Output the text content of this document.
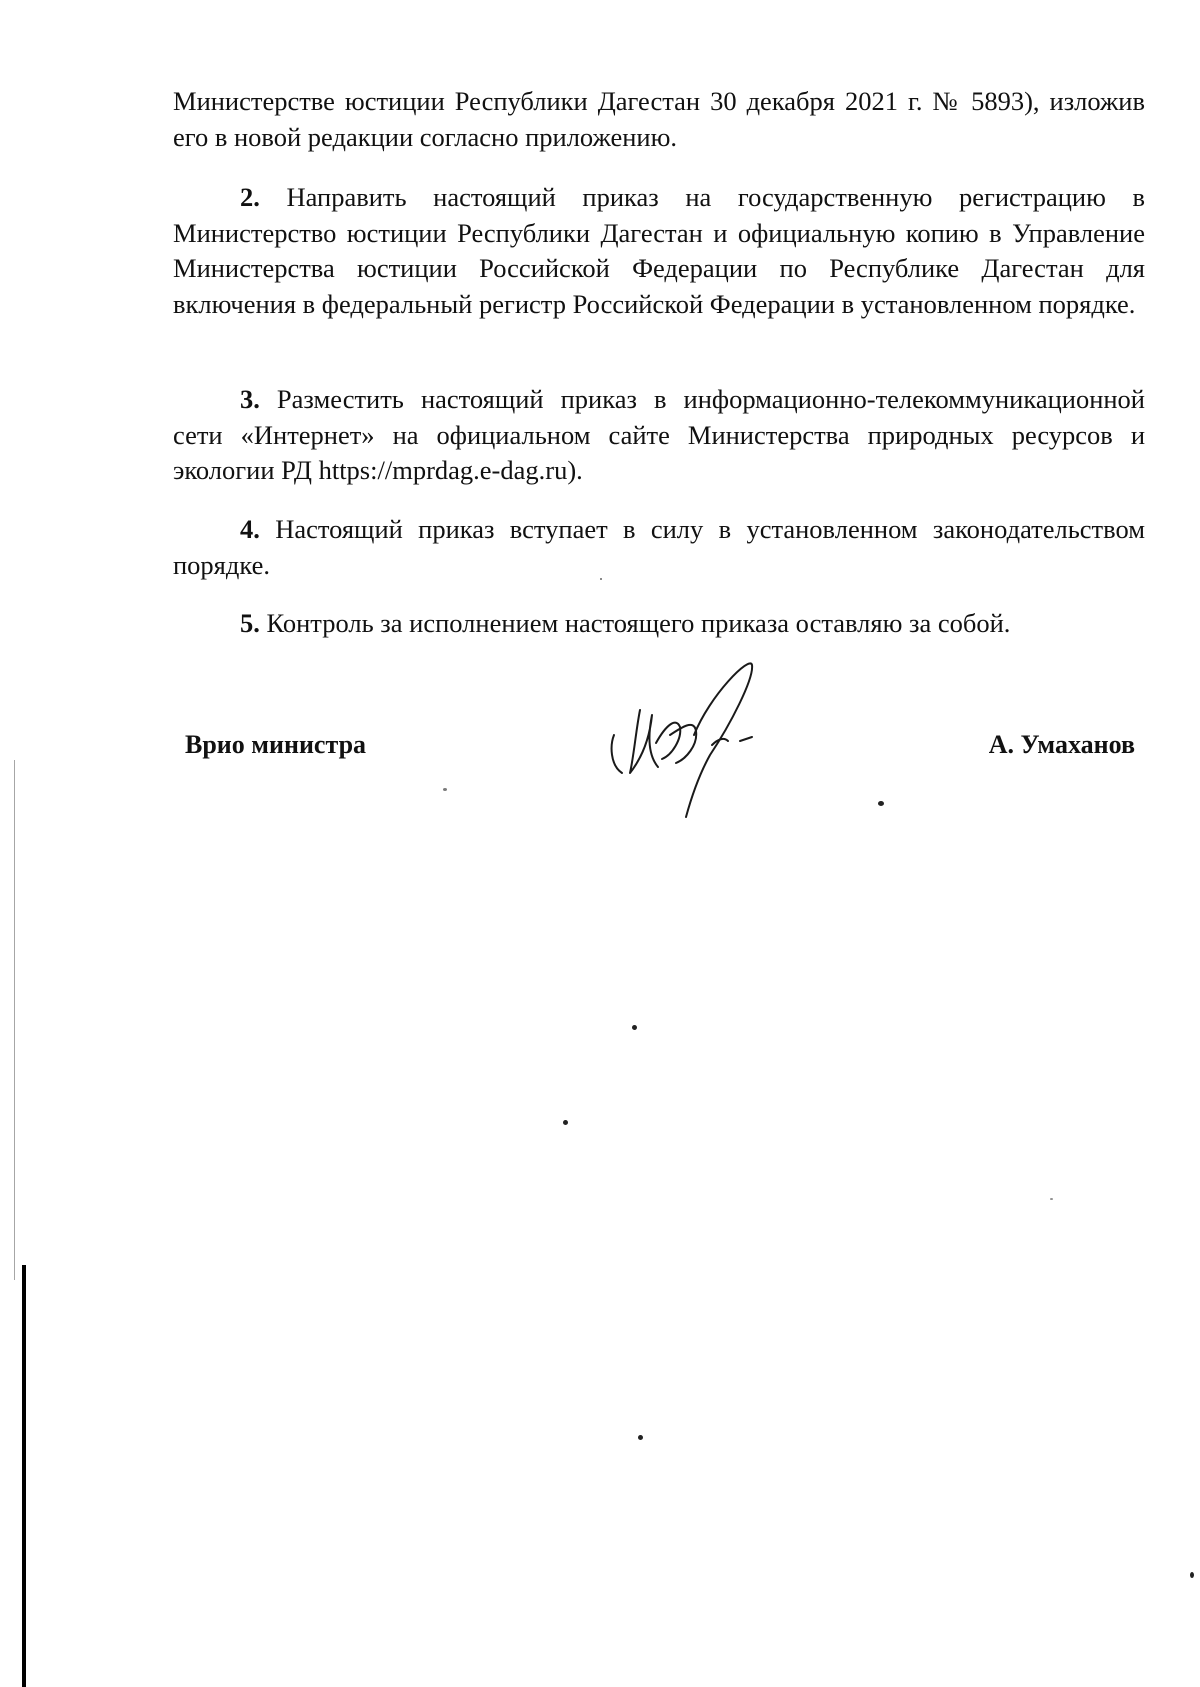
Министерстве юстиции Республики Дагестан 30 декабря 2021 г. № 5893), изложив его в новой редакции согласно приложению.

2. Направить настоящий приказ на государственную регистрацию в Министерство юстиции Республики Дагестан и официальную копию в Управление Министерства юстиции Российской Федерации по Республике Дагестан для включения в федеральный регистр Российской Федерации в установленном порядке.

3. Разместить настоящий приказ в информационно-телекоммуникационной сети «Интернет» на официальном сайте Министерства природных ресурсов и экологии РД https://mprdag.e-dag.ru).

4. Настоящий приказ вступает в силу в установленном законодательством порядке.

5. Контроль за исполнением настоящего приказа оставляю за собой.

Врио министра	А. Умаханов
